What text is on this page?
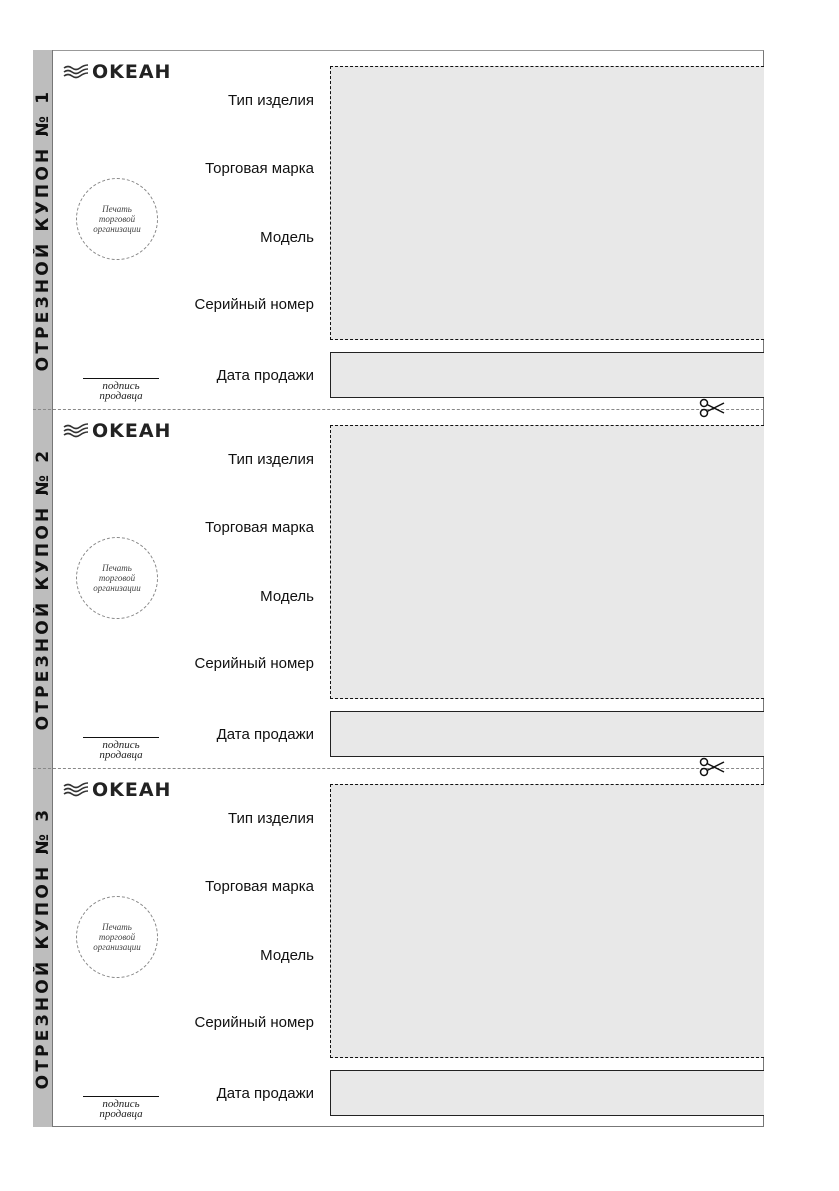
ОТРЕЗНОЙ КУПОН № 1
OKEAH
Тип изделия
Торговая марка
Модель
Серийный номер
Дата продажи
Печать
торговой
организации
подпись
продавца
ОТРЕЗНОЙ КУПОН № 2
OKEAH
Тип изделия
Торговая марка
Модель
Серийный номер
Дата продажи
Печать
торговой
организации
подпись
продавца
ОТРЕЗНОЙ КУПОН № 3
OKEAH
Тип изделия
Торговая марка
Модель
Серийный номер
Дата продажи
Печать
торговой
организации
подпись
продавца
